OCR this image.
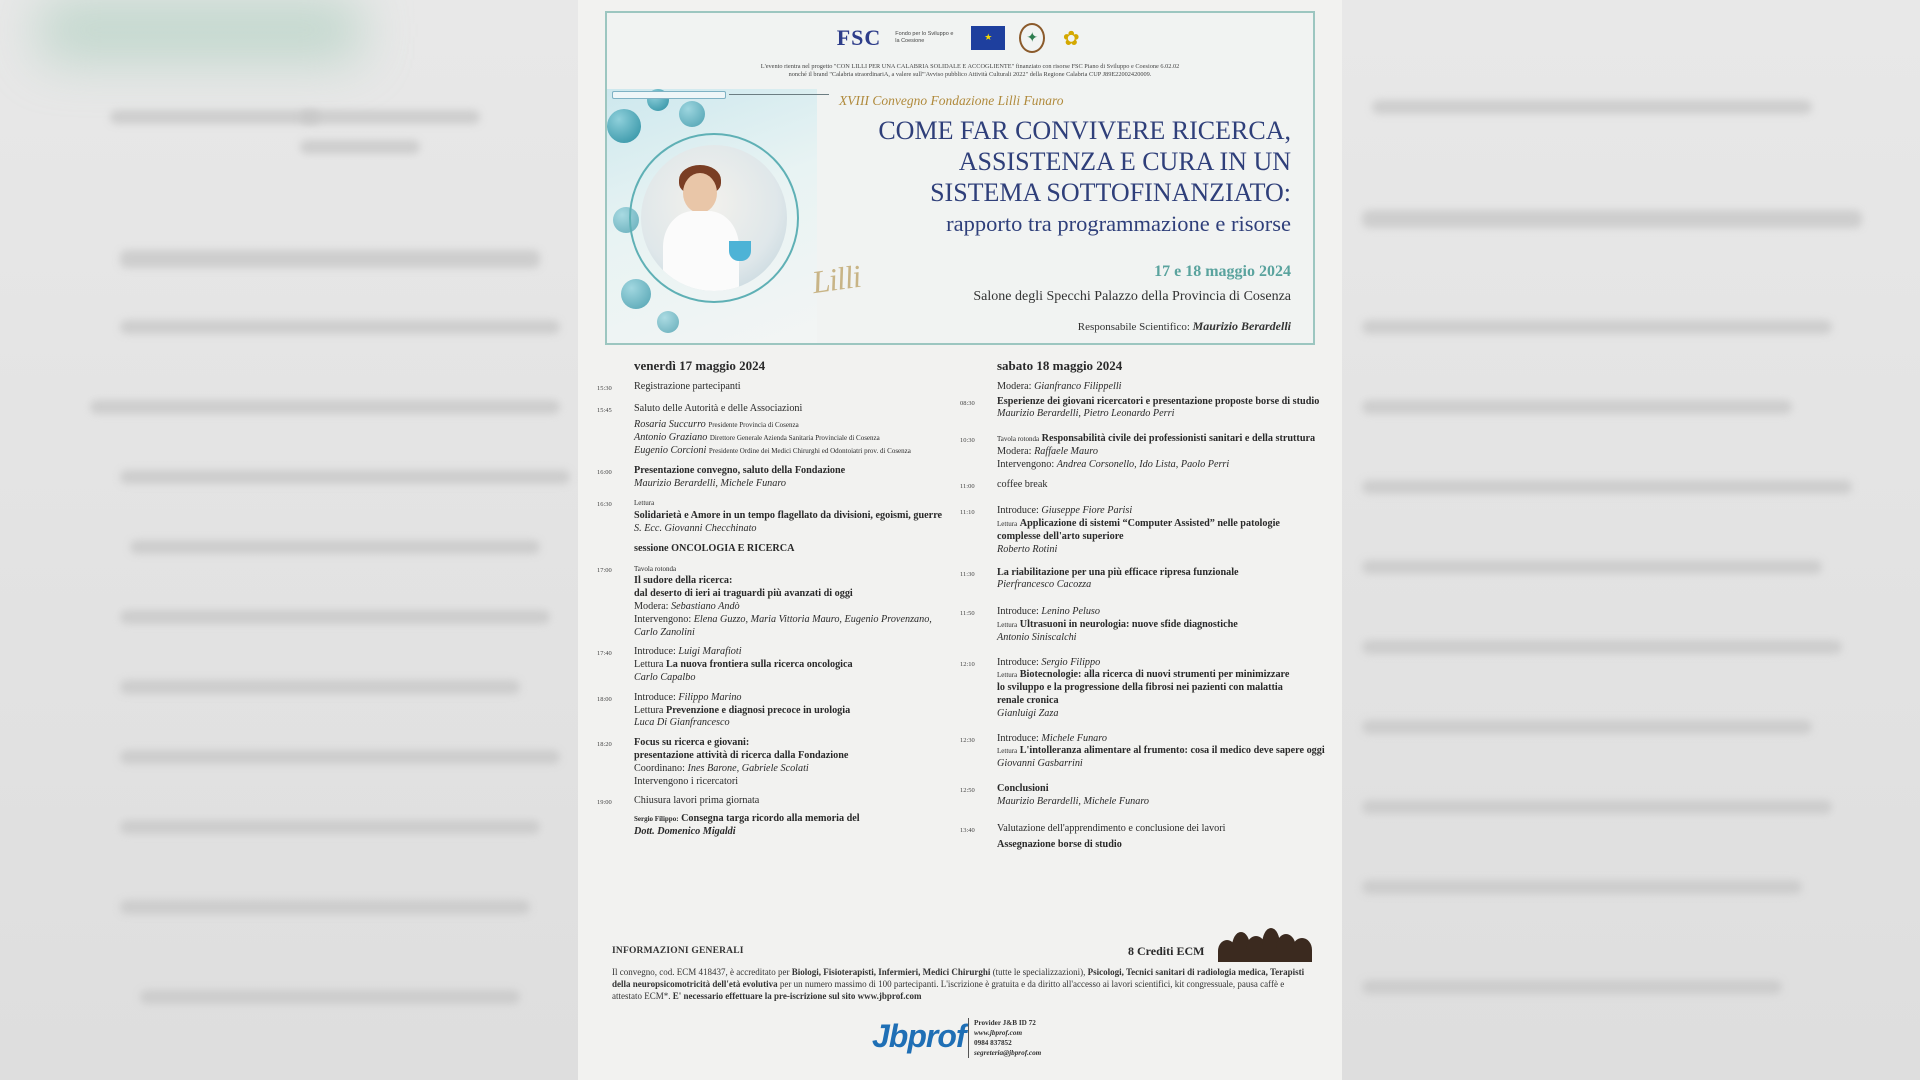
FSC	Fondo per lo Sviluppo e la Coesione	★	✦	✿
L'evento rientra nel progetto "CON LILLI PER UNA CALABRIA SOLIDALE E ACCOGLIENTE" finanziato con risorse FSC Piano di Sviluppo e Coesione 6.02.02
nonché il brand "Calabria straordinariA, a valere sull'"Avviso pubblico Attività Culturali 2022" della Regione Calabria CUP J89E22002420009.
XVIII Convegno Fondazione Lilli Funaro
COME FAR CONVIVERE RICERCA,
ASSISTENZA E CURA IN UN
SISTEMA SOTTOFINANZIATO:
rapporto tra programmazione e risorse
Lilli	17 e 18 maggio 2024
Salone degli Specchi Palazzo della Provincia di Cosenza
Responsabile Scientifico: Maurizio Berardelli
venerdì 17 maggio 2024
15:30	Registrazione partecipanti
15:45	Saluto delle Autorità e delle Associazioni
Rosaria Succurro Presidente Provincia di Cosenza
Antonio Graziano Direttore Generale Azienda Sanitaria Provinciale di Cosenza
Eugenio Corcioni Presidente Ordine dei Medici Chirurghi ed Odontoiatri prov. di Cosenza
16:00	Presentazione convegno, saluto della Fondazione
Maurizio Berardelli, Michele Funaro
16:30	Lettura
Solidarietà e Amore in un tempo flagellato da divisioni, egoismi, guerre
S. Ecc. Giovanni Checchinato
sessione ONCOLOGIA E RICERCA
17:00	Tavola rotonda
Il sudore della ricerca:
dal deserto di ieri ai traguardi più avanzati di oggi
Modera: Sebastiano Andò
Intervengono: Elena Guzzo, Maria Vittoria Mauro, Eugenio Provenzano,
Carlo Zanolini
17:40	Introduce: Luigi Marafioti
Lettura La nuova frontiera sulla ricerca oncologica
Carlo Capalbo
18:00	Introduce: Filippo Marino
Lettura Prevenzione e diagnosi precoce in urologia
Luca Di Gianfrancesco
18:20	Focus su ricerca e giovani:
presentazione attività di ricerca dalla Fondazione
Coordinano: Ines Barone, Gabriele Scolati
Intervengono i ricercatori
19:00	Chiusura lavori prima giornata
Sergio Filippo: Consegna targa ricordo alla memoria del
Dott. Domenico Migaldi
sabato 18 maggio 2024
Modera: Gianfranco Filippelli
08:30	Esperienze dei giovani ricercatori e presentazione proposte borse di studio
Maurizio Berardelli, Pietro Leonardo Perri
10:30	Tavola rotonda Responsabilità civile dei professionisti sanitari e della struttura
Modera: Raffaele Mauro
Intervengono: Andrea Corsonello, Ido Lista, Paolo Perri
11:00	coffee break
11:10	Introduce: Giuseppe Fiore Parisi
Lettura Applicazione di sistemi “Computer Assisted” nelle patologie
complesse dell'arto superiore
Roberto Rotini
11:30	La riabilitazione per una più efficace ripresa funzionale
Pierfrancesco Cacozza
11:50	Introduce: Lenino Peluso
Lettura Ultrasuoni in neurologia: nuove sfide diagnostiche
Antonio Siniscalchi
12:10	Introduce: Sergio Filippo
Lettura Biotecnologie: alla ricerca di nuovi strumenti per minimizzare
lo sviluppo e la progressione della fibrosi nei pazienti con malattia
renale cronica
Gianluigi Zaza
12:30	Introduce: Michele Funaro
Lettura L'intolleranza alimentare al frumento: cosa il medico deve sapere oggi
Giovanni Gasbarrini
12:50	Conclusioni
Maurizio Berardelli, Michele Funaro
13:40	Valutazione dell'apprendimento e conclusione dei lavori
Assegnazione borse di studio
INFORMAZIONI GENERALI	8 Crediti ECM
Il convegno, cod. ECM 418437, è accreditato per Biologi, Fisioterapisti, Infermieri, Medici Chirurghi (tutte le specializzazioni), Psicologi, Tecnici sanitari di radiologia medica, Terapisti della neuropsicomotricità dell'età evolutiva per un numero massimo di 100 partecipanti. L'iscrizione è gratuita e da diritto all'accesso ai lavori scientifici, kit congressuale, pausa caffè e attestato ECM*. E' necessario effettuare la pre-iscrizione sul sito www.jbprof.com
Jbprof Provider J&B ID 72
www.jbprof.com
0984 837852
segreteria@jbprof.com
